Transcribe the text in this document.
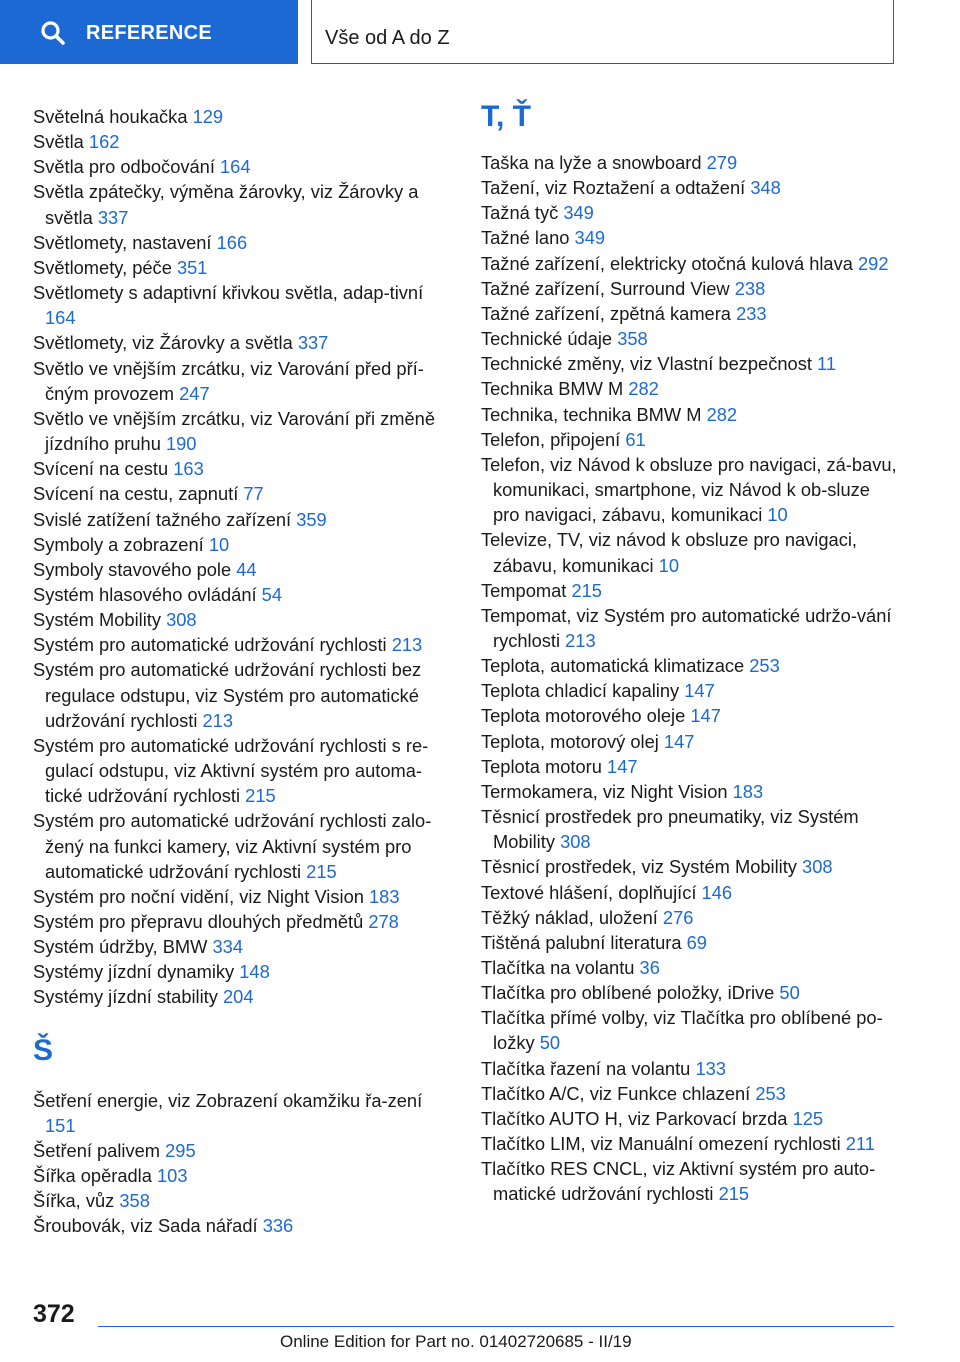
REFERENCE	Vše od A do Z

Světelná houkačka 129

Světla 162

Světla pro odbočování 164

Světla zpátečky, výměna žárovky, viz Žárovky a světla 337

Světlomety, nastavení 166

Světlomety, péče 351

Světlomety s adaptivní křivkou světla, adap‐tivní 164

Světlomety, viz Žárovky a světla 337

Světlo ve vnějším zrcátku, viz Varování před pří‐čným provozem 247

Světlo ve vnějším zrcátku, viz Varování při změně jízdního pruhu 190

Svícení na cestu 163

Svícení na cestu, zapnutí 77

Svislé zatížení tažného zařízení 359

Symboly a zobrazení 10

Symboly stavového pole 44

Systém hlasového ovládání 54

Systém Mobility 308

Systém pro automatické udržování rychlosti 213

Systém pro automatické udržování rychlosti bez regulace odstupu, viz Systém pro automatické udržování rychlosti 213

Systém pro automatické udržování rychlosti s re‐gulací odstupu, viz Aktivní systém pro automa‐tické udržování rychlosti 215

Systém pro automatické udržování rychlosti zalo‐žený na funkci kamery, viz Aktivní systém pro automatické udržování rychlosti 215

Systém pro noční vidění, viz Night Vision 183

Systém pro přepravu dlouhých předmětů 278

Systém údržby, BMW 334

Systémy jízdní dynamiky 148

Systémy jízdní stability 204

Š

Šetření energie, viz Zobrazení okamžiku řa‐zení 151

Šetření palivem 295

Šířka opěradla 103

Šířka, vůz 358

Šroubovák, viz Sada nářadí 336

T, Ť

Taška na lyže a snowboard 279

Tažení, viz Roztažení a odtažení 348

Tažná tyč 349

Tažné lano 349

Tažné zařízení, elektricky otočná kulová hlava 292

Tažné zařízení, Surround View 238

Tažné zařízení, zpětná kamera 233

Technické údaje 358

Technické změny, viz Vlastní bezpečnost 11

Technika BMW M 282

Technika, technika BMW M 282

Telefon, připojení 61

Telefon, viz Návod k obsluze pro navigaci, zá‐bavu, komunikaci, smartphone, viz Návod k ob‐sluze pro navigaci, zábavu, komunikaci 10

Televize, TV, viz návod k obsluze pro navigaci, zábavu, komunikaci 10

Tempomat 215

Tempomat, viz Systém pro automatické udržo‐vání rychlosti 213

Teplota, automatická klimatizace 253

Teplota chladicí kapaliny 147

Teplota motorového oleje 147

Teplota, motorový olej 147

Teplota motoru 147

Termokamera, viz Night Vision 183

Těsnicí prostředek pro pneumatiky, viz Systém Mobility 308

Těsnicí prostředek, viz Systém Mobility 308

Textové hlášení, doplňující 146

Těžký náklad, uložení 276

Tištěná palubní literatura 69

Tlačítka na volantu 36

Tlačítka pro oblíbené položky, iDrive 50

Tlačítka přímé volby, viz Tlačítka pro oblíbené po‐ložky 50

Tlačítka řazení na volantu 133

Tlačítko A/C, viz Funkce chlazení 253

Tlačítko AUTO H, viz Parkovací brzda 125

Tlačítko LIM, viz Manuální omezení rychlosti 211

Tlačítko RES CNCL, viz Aktivní systém pro auto‐matické udržování rychlosti 215

372
Online Edition for Part no. 01402720685 - II/19
